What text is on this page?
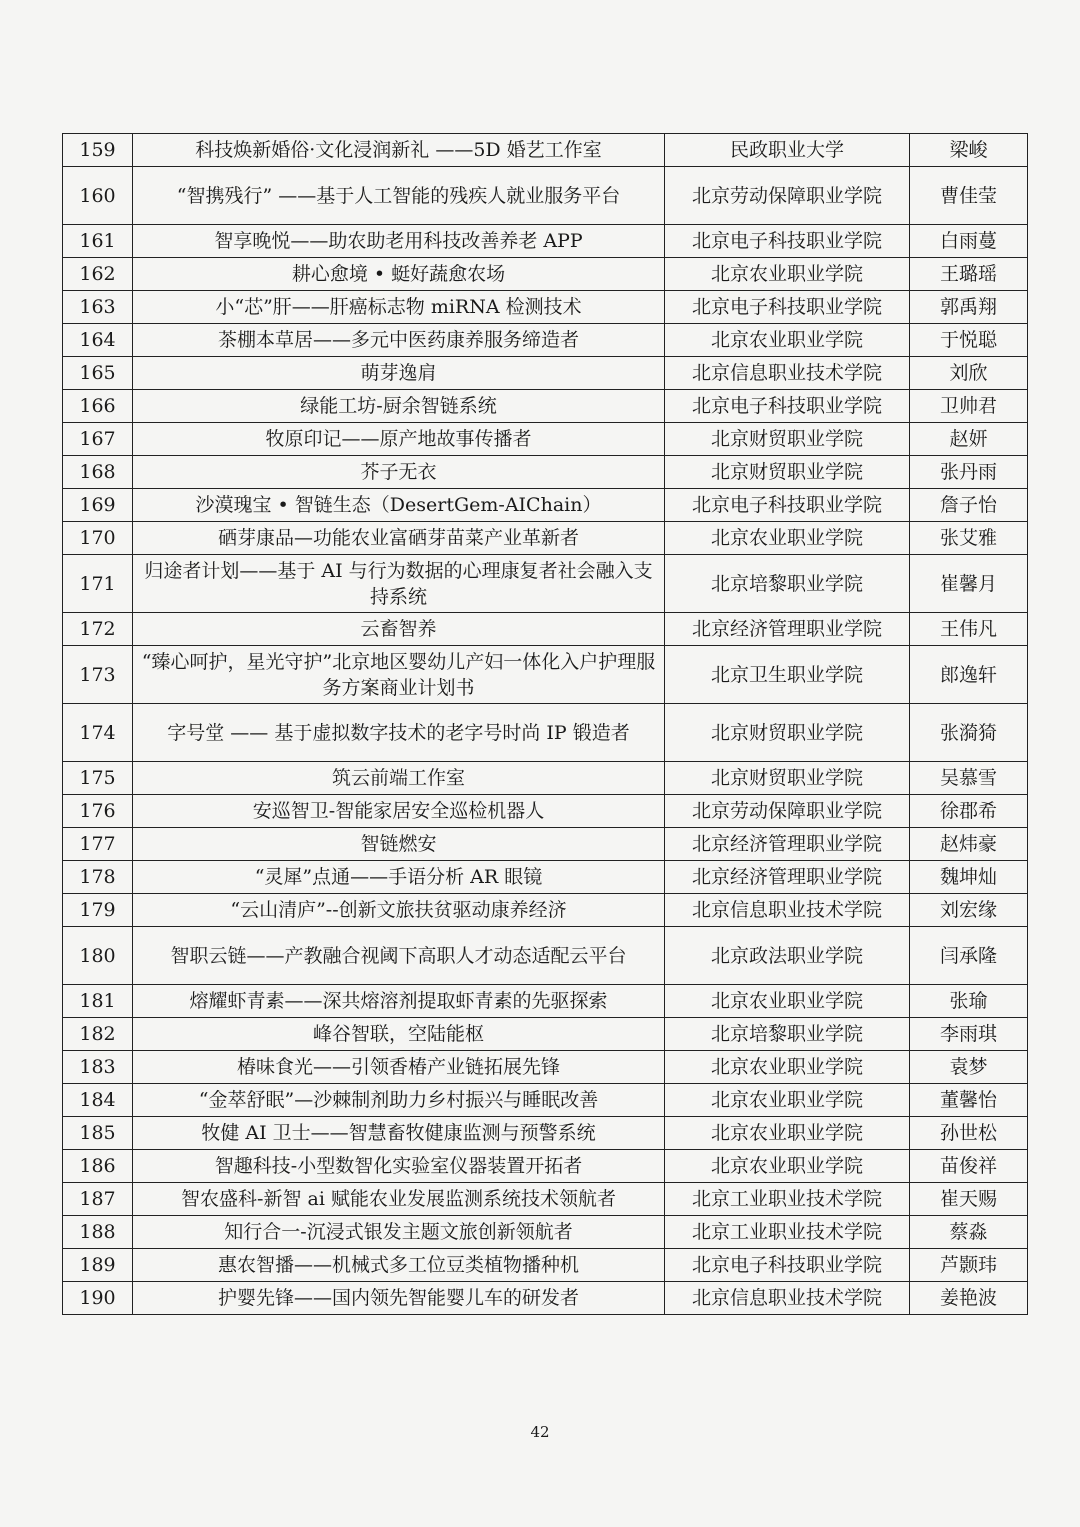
159	科技焕新婚俗·文化浸润新礼 ——5D 婚艺工作室	民政职业大学	梁峻
160	“智携残行” ——基于人工智能的残疾人就业服务平台	北京劳动保障职业学院	曹佳莹
161	智享晚悦——助农助老用科技改善养老 APP	北京电子科技职业学院	白雨蔓
162	耕心愈境 • 蜓好蔬愈农场	北京农业职业学院	王璐瑶
163	小“芯”肝——肝癌标志物 miRNA 检测技术	北京电子科技职业学院	郭禹翔
164	茶棚本草居——多元中医药康养服务缔造者	北京农业职业学院	于悦聪
165	萌芽逸肩	北京信息职业技术学院	刘欣
166	绿能工坊-厨余智链系统	北京电子科技职业学院	卫帅君
167	牧原印记——原产地故事传播者	北京财贸职业学院	赵妍
168	芥子无衣	北京财贸职业学院	张丹雨
169	沙漠瑰宝 • 智链生态（DesertGem-AIChain）	北京电子科技职业学院	詹子怡
170	硒芽康品—功能农业富硒芽苗菜产业革新者	北京农业职业学院	张艾雅
171	归途者计划——基于 AI 与行为数据的心理康复者社会融入支持系统	北京培黎职业学院	崔馨月
172	云畜智养	北京经济管理职业学院	王伟凡
173	“臻心呵护，星光守护”北京地区婴幼儿产妇一体化入户护理服务方案商业计划书	北京卫生职业学院	郎逸轩
174	字号堂 —— 基于虚拟数字技术的老字号时尚 IP 锻造者	北京财贸职业学院	张漪猗
175	筑云前端工作室	北京财贸职业学院	吴慕雪
176	安巡智卫-智能家居安全巡检机器人	北京劳动保障职业学院	徐郡希
177	智链燃安	北京经济管理职业学院	赵炜豪
178	“灵犀”点通——手语分析 AR 眼镜	北京经济管理职业学院	魏坤灿
179	“云山清庐”--创新文旅扶贫驱动康养经济	北京信息职业技术学院	刘宏缘
180	智职云链——产教融合视阈下高职人才动态适配云平台	北京政法职业学院	闫承隆
181	熔耀虾青素——深共熔溶剂提取虾青素的先驱探索	北京农业职业学院	张瑜
182	峰谷智联，空陆能枢	北京培黎职业学院	李雨琪
183	椿味食光——引领香椿产业链拓展先锋	北京农业职业学院	袁梦
184	“金萃舒眠”—沙棘制剂助力乡村振兴与睡眠改善	北京农业职业学院	董馨怡
185	牧健 AI 卫士——智慧畜牧健康监测与预警系统	北京农业职业学院	孙世松
186	智趣科技-小型数智化实验室仪器装置开拓者	北京农业职业学院	苗俊祥
187	智农盛科-新智 ai 赋能农业发展监测系统技术领航者	北京工业职业技术学院	崔天赐
188	知行合一-沉浸式银发主题文旅创新领航者	北京工业职业技术学院	蔡淼
189	惠农智播——机械式多工位豆类植物播种机	北京电子科技职业学院	芦颢玮
190	护婴先锋——国内领先智能婴儿车的研发者	北京信息职业技术学院	姜艳波
42
